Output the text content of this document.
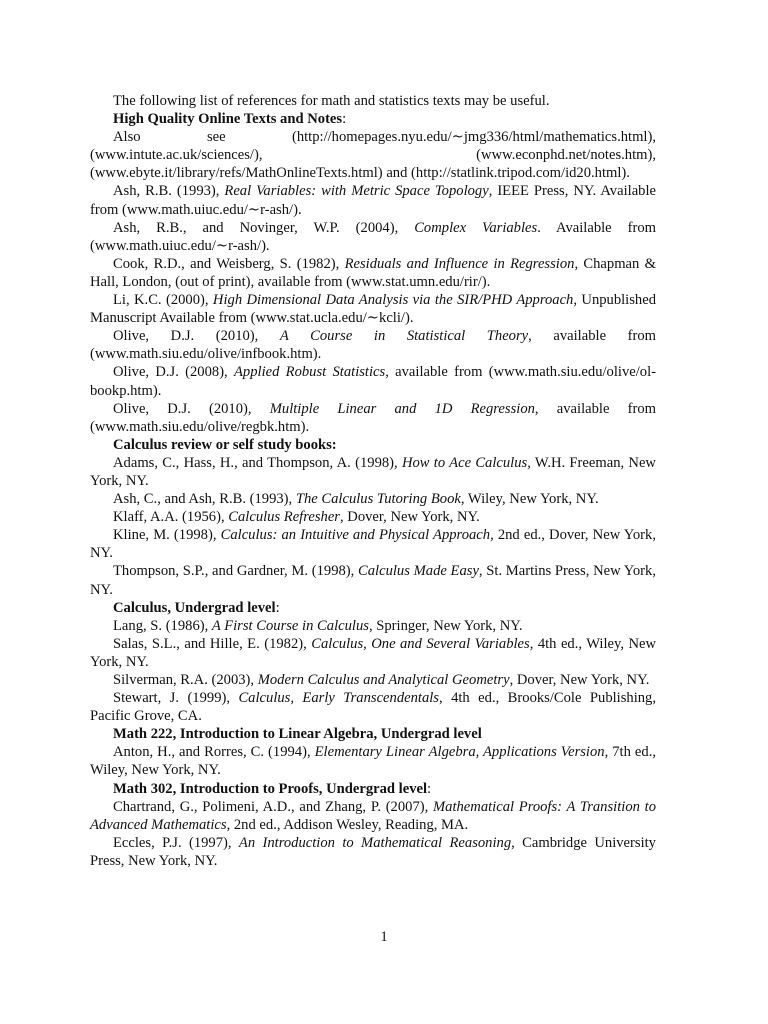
The following list of references for math and statistics texts may be useful.

High Quality Online Texts and Notes:

Also see (http://homepages.nyu.edu/∼jmg336/html/mathematics.html), (www.intute.ac.uk/sciences/), (www.econphd.net/notes.htm), (www.ebyte.it/library/refs/MathOnlineTexts.html) and (http://statlink.tripod.com/id20.html).

Ash, R.B. (1993), Real Variables: with Metric Space Topology, IEEE Press, NY. Available from (www.math.uiuc.edu/∼r-ash/).

Ash, R.B., and Novinger, W.P. (2004), Complex Variables. Available from (www.math.uiuc.edu/∼r-ash/).

Cook, R.D., and Weisberg, S. (1982), Residuals and Influence in Regression, Chapman & Hall, London, (out of print), available from (www.stat.umn.edu/rir/).

Li, K.C. (2000), High Dimensional Data Analysis via the SIR/PHD Approach, Unpublished Manuscript Available from (www.stat.ucla.edu/∼kcli/).

Olive, D.J. (2010), A Course in Statistical Theory, available from (www.math.siu.edu/olive/infbook.htm).

Olive, D.J. (2008), Applied Robust Statistics, available from (www.math.siu.edu/olive/ol-bookp.htm).

Olive, D.J. (2010), Multiple Linear and 1D Regression, available from (www.math.siu.edu/olive/regbk.htm).

Calculus review or self study books:

Adams, C., Hass, H., and Thompson, A. (1998), How to Ace Calculus, W.H. Freeman, New York, NY.

Ash, C., and Ash, R.B. (1993), The Calculus Tutoring Book, Wiley, New York, NY.

Klaff, A.A. (1956), Calculus Refresher, Dover, New York, NY.

Kline, M. (1998), Calculus: an Intuitive and Physical Approach, 2nd ed., Dover, New York, NY.

Thompson, S.P., and Gardner, M. (1998), Calculus Made Easy, St. Martins Press, New York, NY.

Calculus, Undergrad level:

Lang, S. (1986), A First Course in Calculus, Springer, New York, NY.

Salas, S.L., and Hille, E. (1982), Calculus, One and Several Variables, 4th ed., Wiley, New York, NY.

Silverman, R.A. (2003), Modern Calculus and Analytical Geometry, Dover, New York, NY.

Stewart, J. (1999), Calculus, Early Transcendentals, 4th ed., Brooks/Cole Publishing, Pacific Grove, CA.

Math 222, Introduction to Linear Algebra, Undergrad level

Anton, H., and Rorres, C. (1994), Elementary Linear Algebra, Applications Version, 7th ed., Wiley, New York, NY.

Math 302, Introduction to Proofs, Undergrad level:

Chartrand, G., Polimeni, A.D., and Zhang, P. (2007), Mathematical Proofs: A Transition to Advanced Mathematics, 2nd ed., Addison Wesley, Reading, MA.

Eccles, P.J. (1997), An Introduction to Mathematical Reasoning, Cambridge University Press, New York, NY.

1
